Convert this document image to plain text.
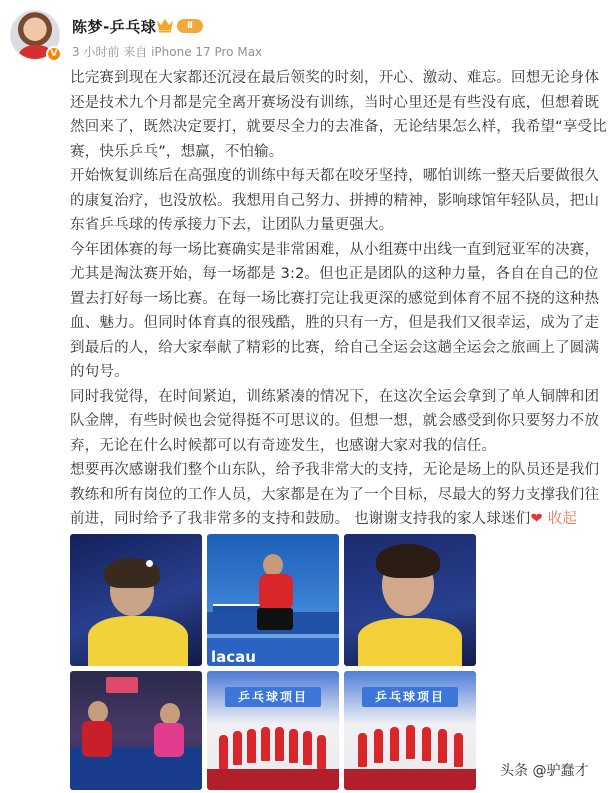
V
陈梦-乒乓球	Ⅱ
3 小时前 来自 iPhone 17 Pro Max

比完赛到现在大家都还沉浸在最后领奖的时刻，开心、激动、难忘。回想无论身体还是技术九个月都是完全离开赛场没有训练，当时心里还是有些没有底，但想着既然回来了，既然决定要打，就要尽全力的去准备，无论结果怎么样，我希望“享受比赛，快乐乒乓”，想赢，不怕输。

开始恢复训练后在高强度的训练中每天都在咬牙坚持，哪怕训练一整天后要做很久的康复治疗，也没放松。我想用自己努力、拼搏的精神，影响球馆年轻队员，把山东省乒乓球的传承接力下去，让团队力量更强大。

今年团体赛的每一场比赛确实是非常困难，从小组赛中出线一直到冠亚军的决赛，尤其是淘汰赛开始，每一场都是 3:2。但也正是团队的这种力量，各自在自己的位置去打好每一场比赛。在每一场比赛打完让我更深的感觉到体育不屈不挠的这种热血、魅力。但同时体育真的很残酷，胜的只有一方，但是我们又很幸运，成为了走到最后的人，给大家奉献了精彩的比赛，给自己全运会这趟全运会之旅画上了圆满的句号。

同时我觉得，在时间紧迫，训练紧凑的情况下，在这次全运会拿到了单人铜牌和团队金牌，有些时候也会觉得挺不可思议的。但想一想，就会感受到你只要努力不放弃，无论在什么时候都可以有奇迹发生，也感谢大家对我的信任。

想要再次感谢我们整个山东队，给予我非常大的支持，无论是场上的队员还是我们教练和所有岗位的工作人员，大家都是在为了一个目标，尽最大的努力支撑我们往前进，同时给予了我非常多的支持和鼓励。 也谢谢支持我的家人球迷们❤ 收起

lacau
乒乓球项目	乒乓球项目
头条 @驴蠢才
